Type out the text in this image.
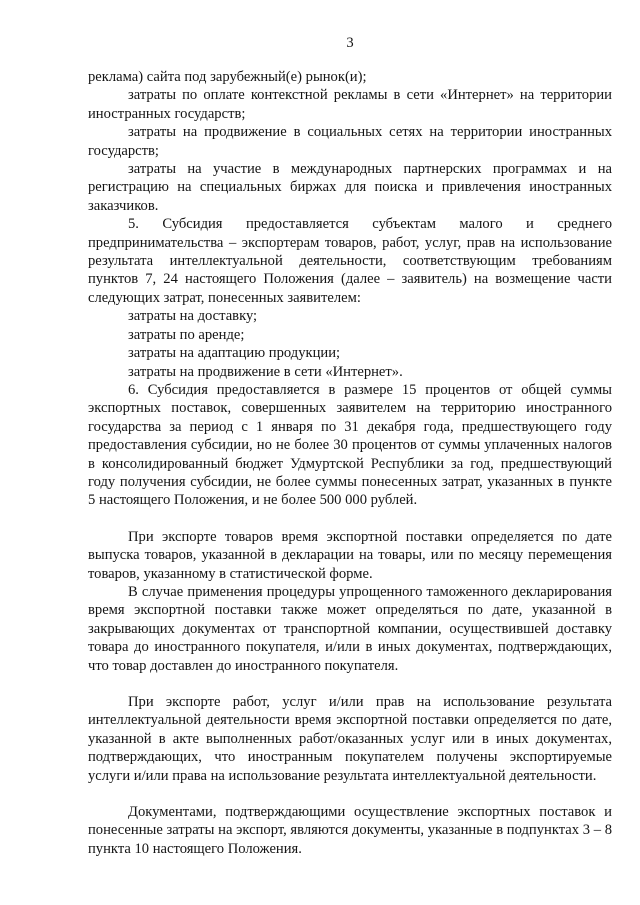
3

реклама) сайта под зарубежный(е) рынок(и);

затраты по оплате контекстной рекламы в сети «Интернет» на территории иностранных государств;

затраты на продвижение в социальных сетях на территории иностранных государств;

затраты на участие в международных партнерских программах и на регистрацию на специальных биржах для поиска и привлечения иностранных заказчиков.

5. Субсидия предоставляется субъектам малого и среднего предпринимательства – экспортерам товаров, работ, услуг, прав на использование результата интеллектуальной деятельности, соответствующим требованиям пунктов 7, 24 настоящего Положения (далее – заявитель) на возмещение части следующих затрат, понесенных заявителем:

затраты на доставку;

затраты по аренде;

затраты на адаптацию продукции;

затраты на продвижение в сети «Интернет».

6. Субсидия предоставляется в размере 15 процентов от общей суммы экспортных поставок, совершенных заявителем на территорию иностранного государства за период с 1 января по 31 декабря года, предшествующего году предоставления субсидии, но не более 30 процентов от суммы уплаченных налогов в консолидированный бюджет Удмуртской Республики за год, предшествующий году получения субсидии, не более суммы понесенных затрат, указанных в пункте 5 настоящего Положения, и не более 500 000 рублей.

При экспорте товаров время экспортной поставки определяется по дате выпуска товаров, указанной в декларации на товары, или по месяцу перемещения товаров, указанному в статистической форме.

В случае применения процедуры упрощенного таможенного декларирования время экспортной поставки также может определяться по дате, указанной в закрывающих документах от транспортной компании, осуществившей доставку товара до иностранного покупателя, и/или в иных документах, подтверждающих, что товар доставлен до иностранного покупателя.

При экспорте работ, услуг и/или прав на использование результата интеллектуальной деятельности время экспортной поставки определяется по дате, указанной в акте выполненных работ/оказанных услуг или в иных документах, подтверждающих, что иностранным покупателем получены экспортируемые услуги и/или права на использование результата интеллектуальной деятельности.

Документами, подтверждающими осуществление экспортных поставок и понесенные затраты на экспорт, являются документы, указанные в подпунктах 3 – 8 пункта 10 настоящего Положения.
